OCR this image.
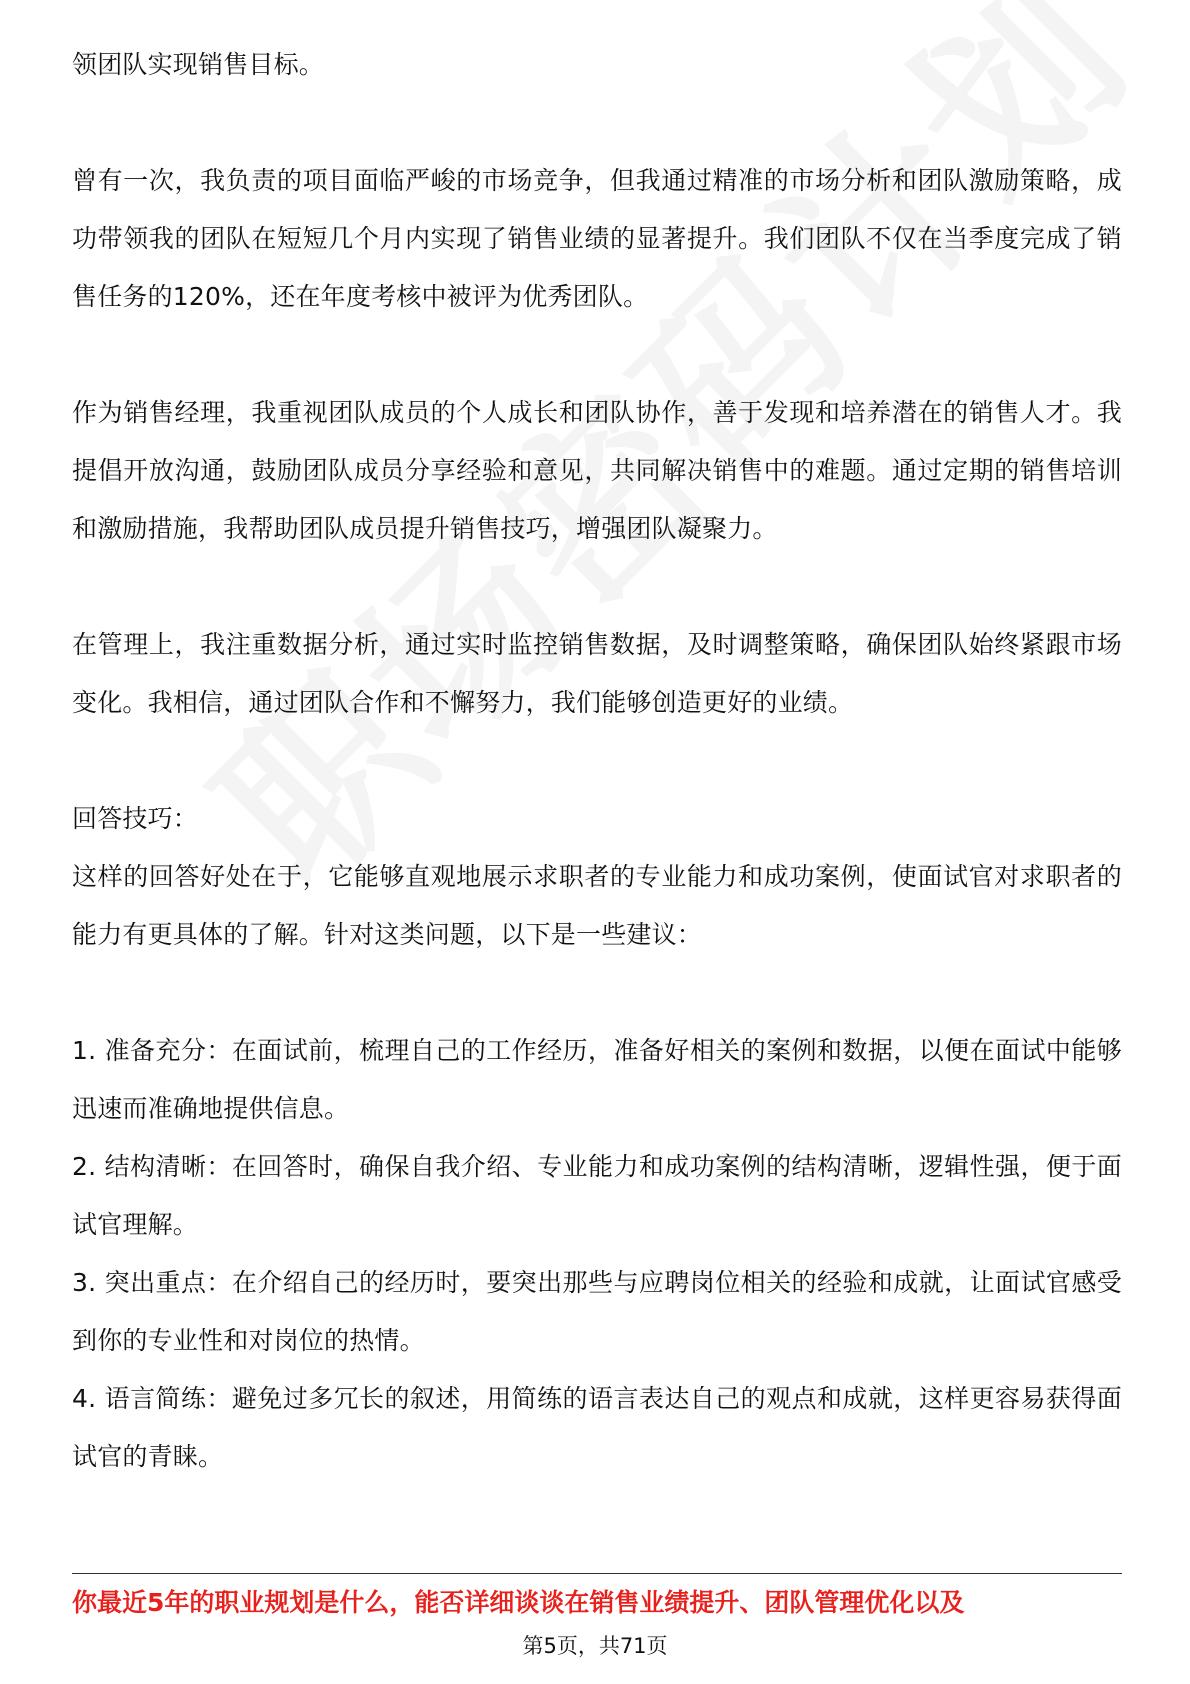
领团队实现销售目标。

曾有一次，我负责的项目面临严峻的市场竞争，但我通过精准的市场分析和团队激励策略，成功带领我的团队在短短几个月内实现了销售业绩的显著提升。我们团队不仅在当季度完成了销售任务的120%，还在年度考核中被评为优秀团队。

作为销售经理，我重视团队成员的个人成长和团队协作，善于发现和培养潜在的销售人才。我提倡开放沟通，鼓励团队成员分享经验和意见，共同解决销售中的难题。通过定期的销售培训和激励措施，我帮助团队成员提升销售技巧，增强团队凝聚力。

在管理上，我注重数据分析，通过实时监控销售数据，及时调整策略，确保团队始终紧跟市场变化。我相信，通过团队合作和不懈努力，我们能够创造更好的业绩。

回答技巧：

这样的回答好处在于，它能够直观地展示求职者的专业能力和成功案例，使面试官对求职者的能力有更具体的了解。针对这类问题，以下是一些建议：

1. 准备充分：在面试前，梳理自己的工作经历，准备好相关的案例和数据，以便在面试中能够迅速而准确地提供信息。

2. 结构清晰：在回答时，确保自我介绍、专业能力和成功案例的结构清晰，逻辑性强，便于面试官理解。

3. 突出重点：在介绍自己的经历时，要突出那些与应聘岗位相关的经验和成就，让面试官感受到你的专业性和对岗位的热情。

4. 语言简练：避免过多冗长的叙述，用简练的语言表达自己的观点和成就，这样更容易获得面试官的青睐。

你最近5年的职业规划是什么，能否详细谈谈在销售业绩提升、团队管理优化以及
第5页，共71页
